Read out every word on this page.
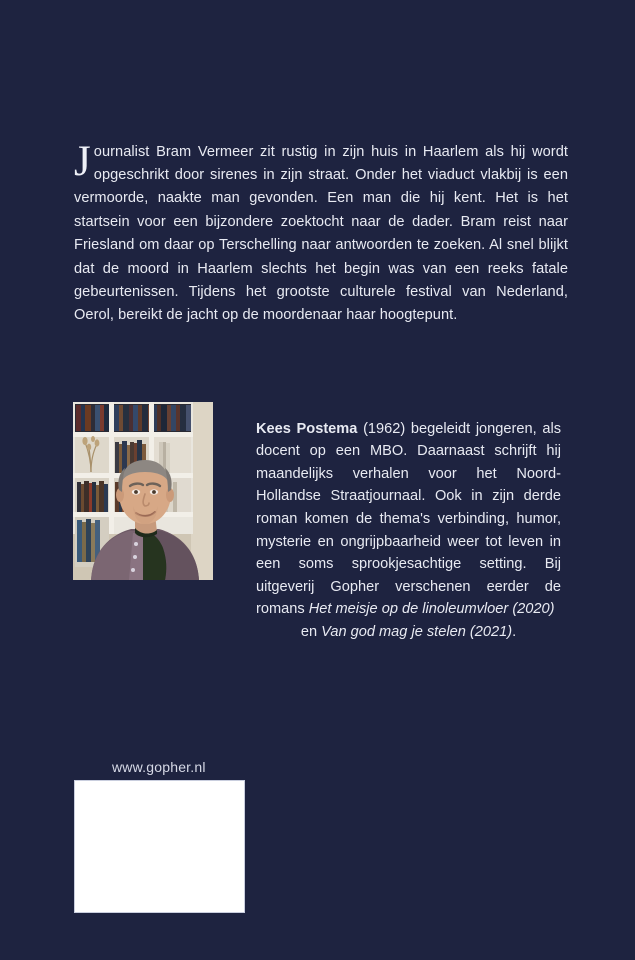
Journalist Bram Vermeer zit rustig in zijn huis in Haarlem als hij wordt opgeschrikt door sirenes in zijn straat. Onder het viaduct vlakbij is een vermoorde, naakte man gevonden. Een man die hij kent. Het is het startsein voor een bijzondere zoektocht naar de dader. Bram reist naar Friesland om daar op Terschelling naar antwoorden te zoeken. Al snel blijkt dat de moord in Haarlem slechts het begin was van een reeks fatale gebeurtenissen. Tijdens het grootste culturele festival van Nederland, Oerol, bereikt de jacht op de moordenaar haar hoogtepunt.

Kees Postema (1962) begeleidt jongeren, als docent op een MBO. Daarnaast schrijft hij maandelijks verhalen voor het Noord-Hollandse Straatjournaal. Ook in zijn derde roman komen de thema's verbinding, humor, mysterie en ongrijpbaarheid weer tot leven in een soms sprookjesachtige setting. Bij uitgeverij Gopher verschenen eerder de romans Het meisje op de linoleumvloer (2020)
en Van god mag je stelen (2021).

www.gopher.nl
